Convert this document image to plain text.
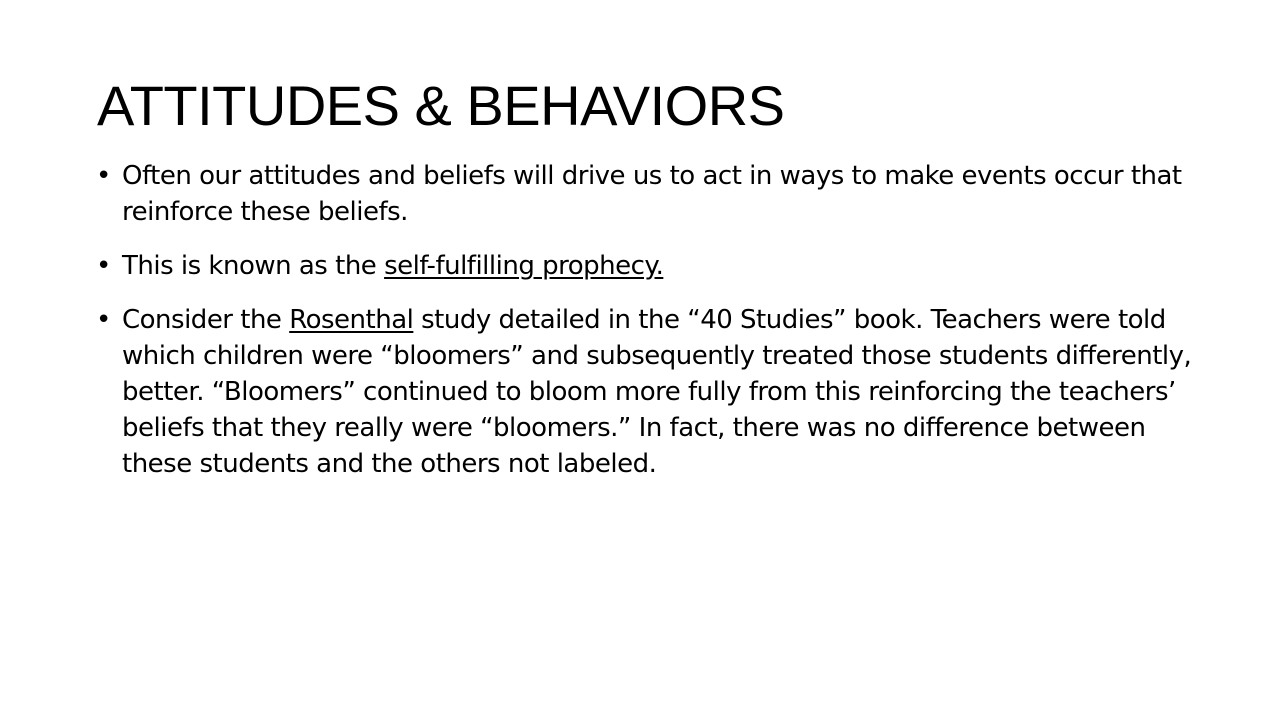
ATTITUDES & BEHAVIORS
• Often our attitudes and beliefs will drive us to act in ways to make events occur that reinforce these beliefs.
• This is known as the self-fulfilling prophecy.
• Consider the Rosenthal study detailed in the “40 Studies” book. Teachers were told which children were “bloomers” and subsequently treated those students differently, better. “Bloomers” continued to bloom more fully from this reinforcing the teachers’ beliefs that they really were “bloomers.” In fact, there was no difference between these students and the others not labeled.
